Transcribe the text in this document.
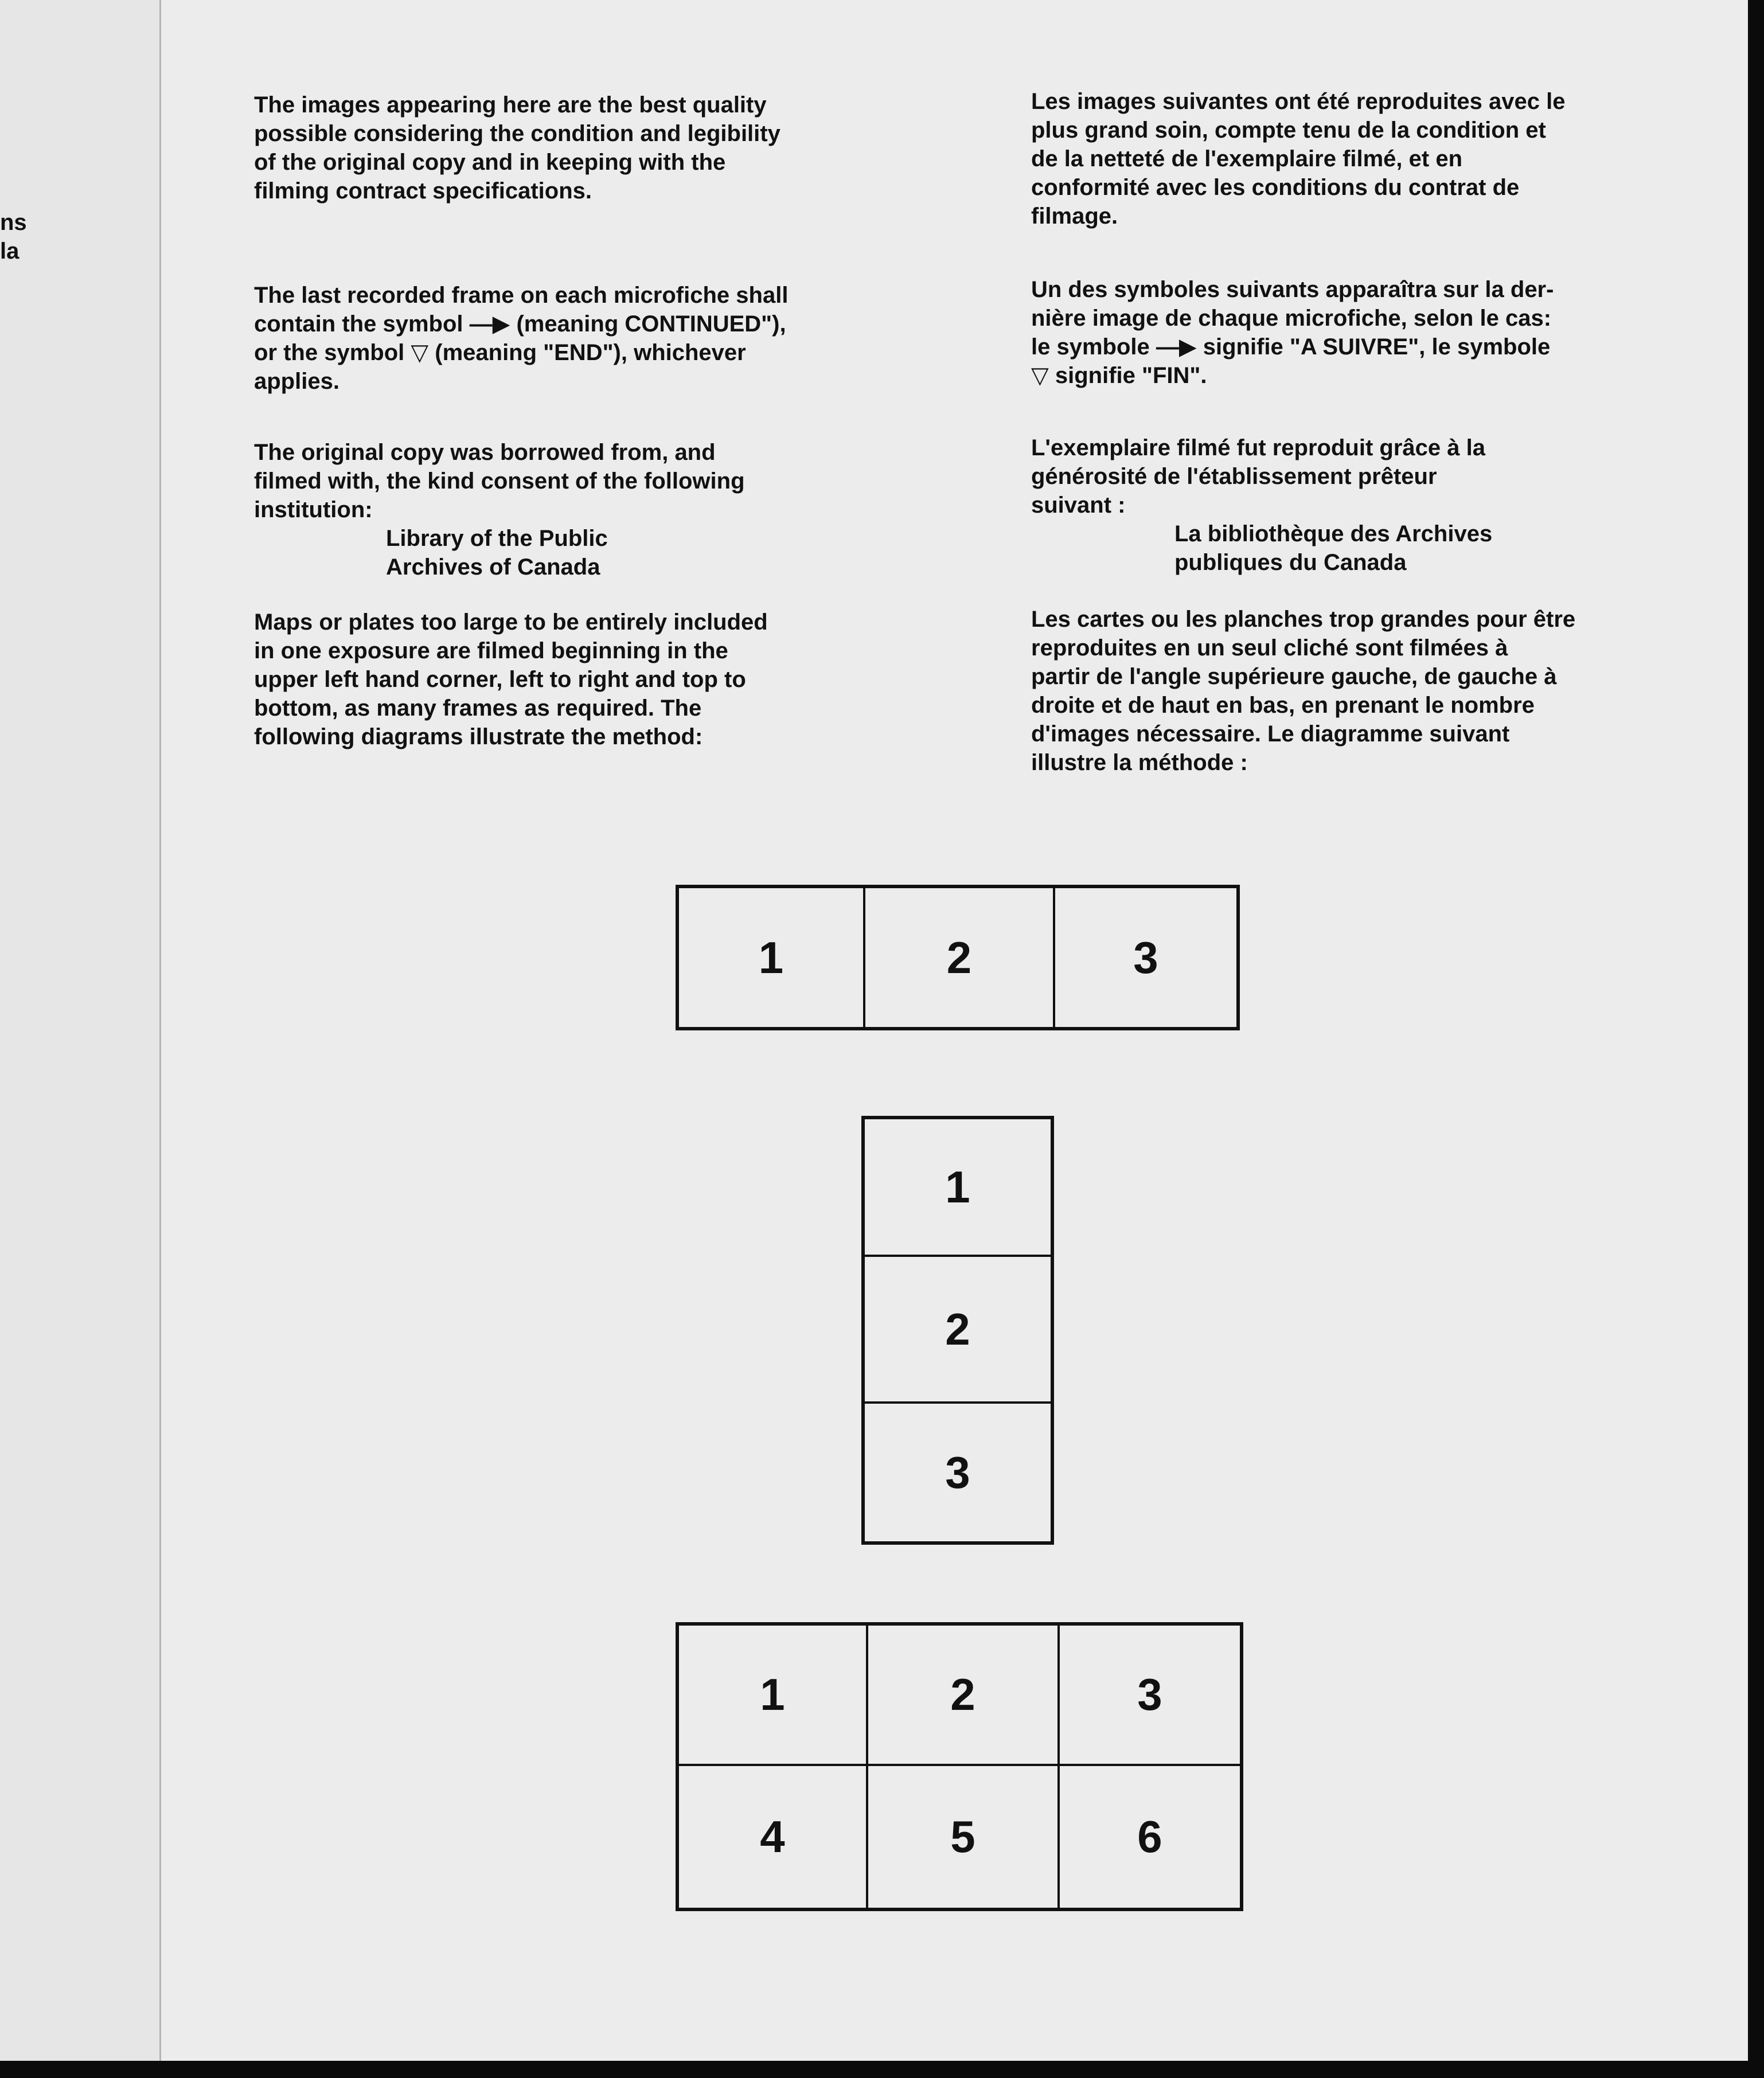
ns
la

The images appearing here are the best quality

possible considering the condition and legibility

of the original copy and in keeping with the

filming contract specifications.

The last recorded frame on each microfiche shall

contain the symbol —▶ (meaning CONTINUED"),

or the symbol ▽ (meaning "END"), whichever

applies.

The original copy was borrowed from, and

filmed with, the kind consent of the following

institution:

Library of the Public

Archives of Canada

Maps or plates too large to be entirely included

in one exposure are filmed beginning in the

upper left hand corner, left to right and top to

bottom, as many frames as required. The

following diagrams illustrate the method:

Les images suivantes ont été reproduites avec le

plus grand soin, compte tenu de la condition et

de la netteté de l'exemplaire filmé, et en

conformité avec les conditions du contrat de

filmage.

Un des symboles suivants apparaîtra sur la der-

nière image de chaque microfiche, selon le cas:

le symbole —▶ signifie "A SUIVRE", le symbole

▽ signifie "FIN".

L'exemplaire filmé fut reproduit grâce à la

générosité de l'établissement prêteur

suivant :

La bibliothèque des Archives

publiques du Canada

Les cartes ou les planches trop grandes pour être

reproduites en un seul cliché sont filmées à

partir de l'angle supérieure gauche, de gauche à

droite et de haut en bas, en prenant le nombre

d'images nécessaire. Le diagramme suivant

illustre la méthode :

1	2	3
1
2
3
1	2	3
4	5	6
